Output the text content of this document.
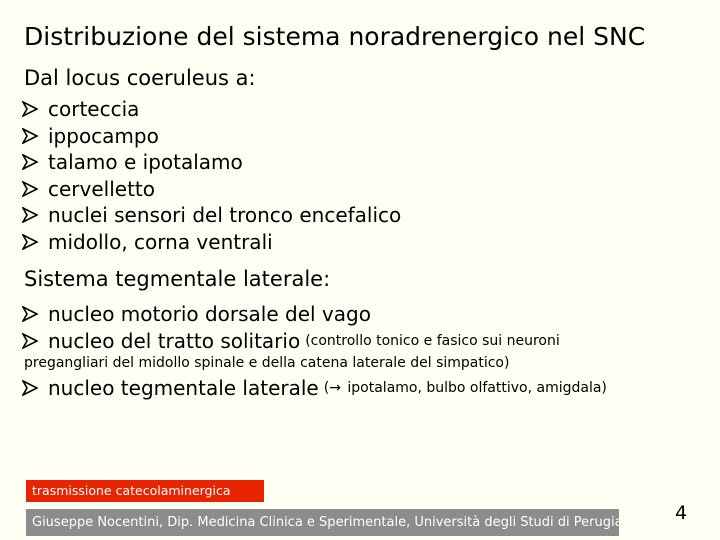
Distribuzione del sistema noradrenergico nel SNC
Dal locus coeruleus a:
corteccia
ippocampo
talamo e ipotalamo
cervelletto
nuclei sensori del tronco encefalico
midollo, corna ventrali
Sistema tegmentale laterale:
nucleo motorio dorsale del vago
nucleo del tratto solitario (controllo tonico e fasico sui neuroni
pregangliari del midollo spinale e della catena laterale del simpatico)
nucleo tegmentale laterale (→ ipotalamo, bulbo olfattivo, amigdala)
trasmissione catecolaminergica
Giuseppe Nocentini, Dip. Medicina Clinica e Sperimentale, Università degli Studi di Perugia	4
